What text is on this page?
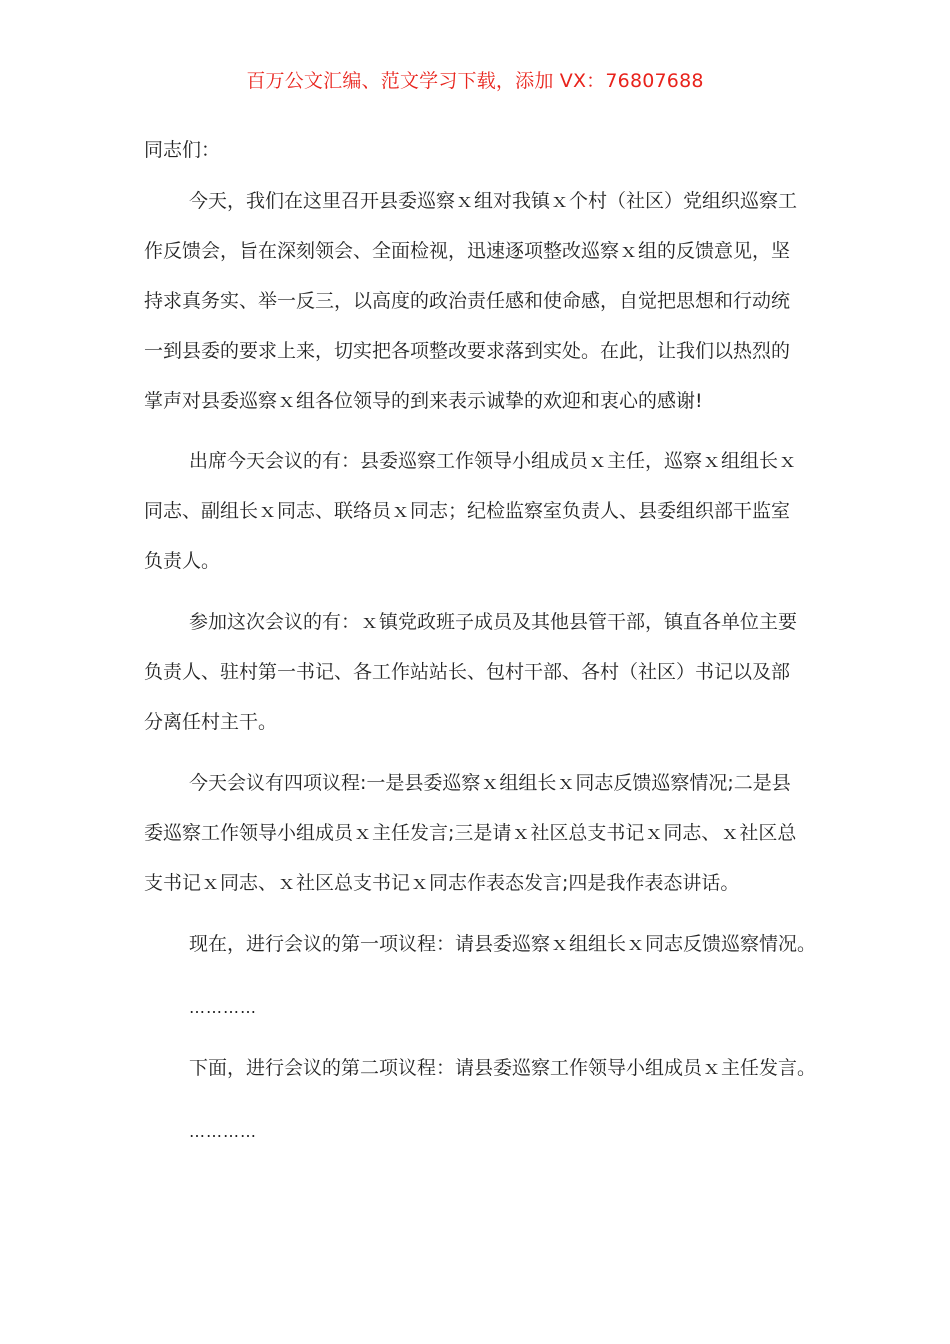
百万公文汇编、范文学习下载，添加 VX：76807688
同志们：
今天，我们在这里召开县委巡察ｘ组对我镇ｘ个村（社区）党组织巡察工
作反馈会，旨在深刻领会、全面检视，迅速逐项整改巡察ｘ组的反馈意见，坚
持求真务实、举一反三，以高度的政治责任感和使命感，自觉把思想和行动统
一到县委的要求上来，切实把各项整改要求落到实处。在此，让我们以热烈的
掌声对县委巡察ｘ组各位领导的到来表示诚挚的欢迎和衷心的感谢!
出席今天会议的有：县委巡察工作领导小组成员ｘ主任，巡察ｘ组组长ｘ
同志、副组长ｘ同志、联络员ｘ同志；纪检监察室负责人、县委组织部干监室
负责人。
参加这次会议的有：ｘ镇党政班子成员及其他县管干部，镇直各单位主要
负责人、驻村第一书记、各工作站站长、包村干部、各村（社区）书记以及部
分离任村主干。
今天会议有四项议程:一是县委巡察ｘ组组长ｘ同志反馈巡察情况;二是县
委巡察工作领导小组成员ｘ主任发言;三是请ｘ社区总支书记ｘ同志、ｘ社区总
支书记ｘ同志、ｘ社区总支书记ｘ同志作表态发言;四是我作表态讲话。
现在，进行会议的第一项议程：请县委巡察ｘ组组长ｘ同志反馈巡察情况。
…………
下面，进行会议的第二项议程：请县委巡察工作领导小组成员ｘ主任发言。
…………
